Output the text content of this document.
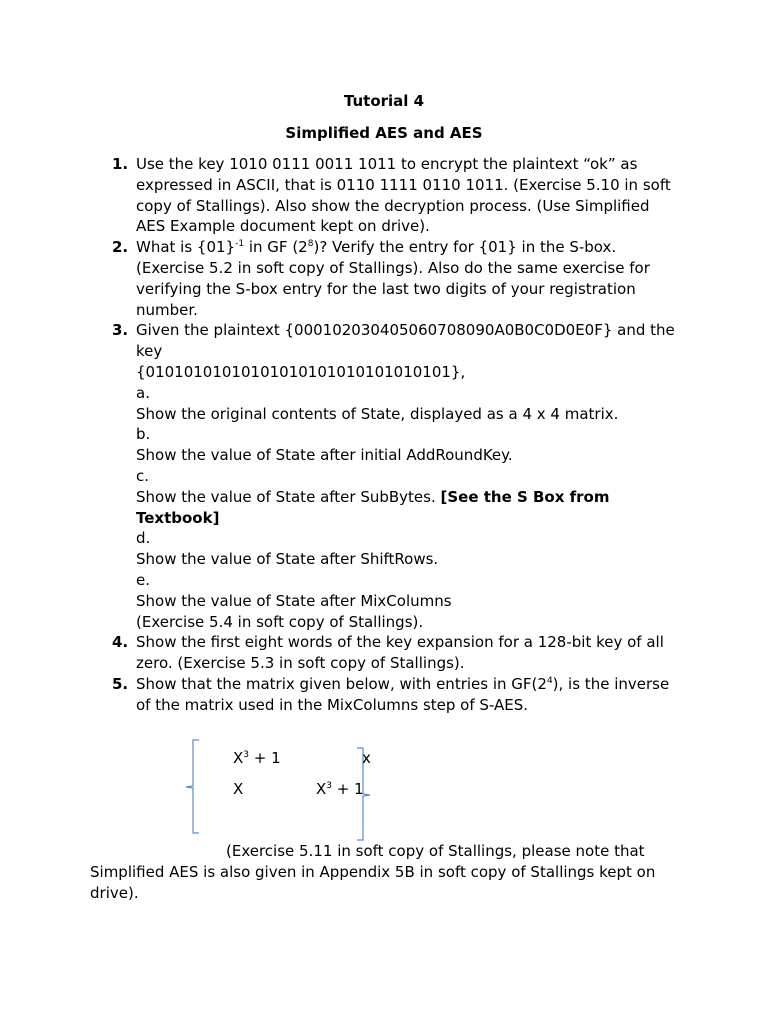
Tutorial 4
Simplified AES and AES
1. Use the key 1010 0111 0011 1011 to encrypt the plaintext “ok” as expressed in ASCII, that is 0110 1111 0110 1011. (Exercise 5.10 in soft copy of Stallings). Also show the decryption process. (Use Simplified AES Example document kept on drive).

2. What is $\{01\}^{-1}$ in GF $(2^8)$? Verify the entry for {01} in the S-box. (Exercise 5.2 in soft copy of Stallings). Also do the same exercise for verifying the S-box entry for the last two digits of your registration number.

3. Given the plaintext {000102030405060708090A0B0C0D0E0F} and the key

{01010101010101010101010101010101},

a.

Show the original contents of State, displayed as a 4 x 4 matrix.

b.

Show the value of State after initial AddRoundKey.

c.

Show the value of State after SubBytes. [See the S Box from Textbook]

d.

Show the value of State after ShiftRows.

e.

Show the value of State after MixColumns

(Exercise 5.4 in soft copy of Stallings).

4. Show the first eight words of the key expansion for a 128-bit key of all zero. (Exercise 5.3 in soft copy of Stallings).

5. Show that the matrix given below, with entries in $GF(2^4)$, is the inverse of the matrix used in the MixColumns step of S-AES.

$X^3 + 1$	x
X	$X^3 + 1$
(Exercise 5.11 in soft copy of Stallings, please note that Simplified AES is also given in Appendix 5B in soft copy of Stallings kept on drive).
